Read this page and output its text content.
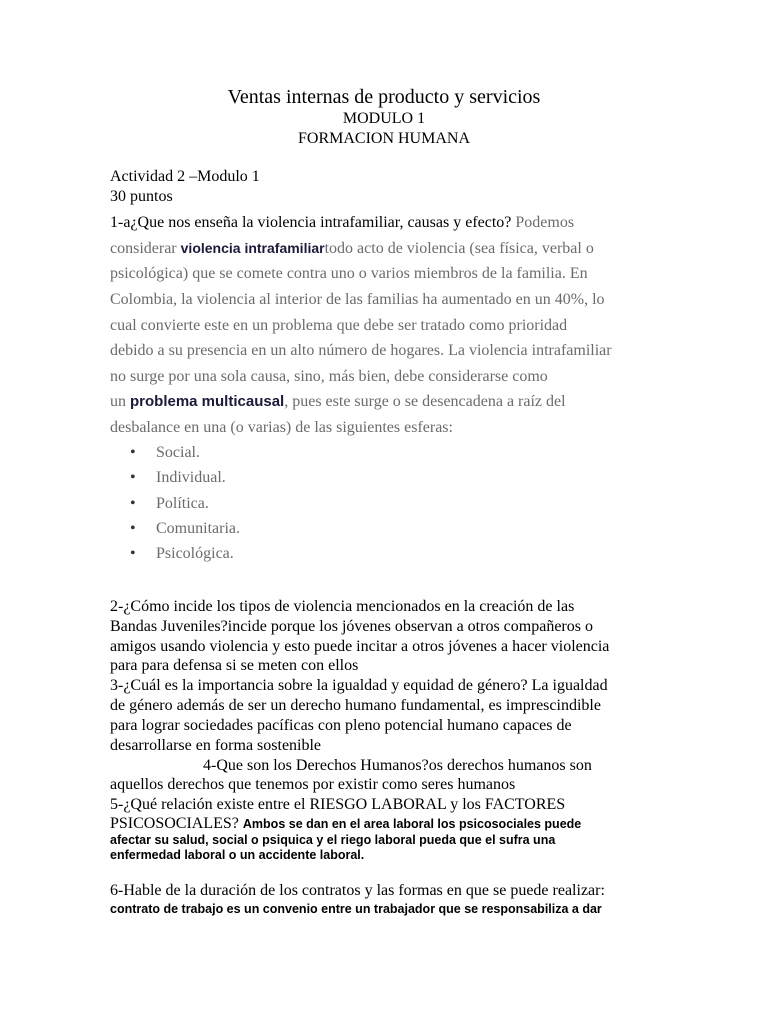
Ventas internas de producto y servicios
MODULO 1
FORMACION HUMANA
Actividad 2 –Modulo 1
30 puntos
1-a¿Que nos enseña la violencia intrafamiliar, causas y efecto? Podemos
considerar violencia intrafamiliartodo acto de violencia (sea física, verbal o
psicológica) que se comete contra uno o varios miembros de la familia. En
Colombia, la violencia al interior de las familias ha aumentado en un 40%, lo
cual convierte este en un problema que debe ser tratado como prioridad
debido a su presencia en un alto número de hogares. La violencia intrafamiliar
no surge por una sola causa, sino, más bien, debe considerarse como
un problema multicausal, pues este surge o se desencadena a raíz del
desbalance en una (o varias) de las siguientes esferas:
• Social.
• Individual.
• Política.
• Comunitaria.
• Psicológica.
2-¿Cómo incide los tipos de violencia mencionados en la creación de las
Bandas Juveniles?incide porque los jóvenes observan a otros compañeros o
amigos usando violencia y esto puede incitar a otros jóvenes a hacer violencia
para para defensa si se meten con ellos
3-¿Cuál es la importancia sobre la igualdad y equidad de género? La igualdad
de género además de ser un derecho humano fundamental, es imprescindible
para lograr sociedades pacíficas con pleno potencial humano capaces de
desarrollarse en forma sostenible
4-Que son los Derechos Humanos?os derechos humanos son
aquellos derechos que tenemos por existir como seres humanos
5-¿Qué relación existe entre el RIESGO LABORAL y los FACTORES
PSICOSOCIALES? Ambos se dan en el area laboral los psicosociales puede
afectar su salud, social o psiquica y el riego laboral pueda que el sufra una
enfermedad laboral o un accidente laboral.
6-Hable de la duración de los contratos y las formas en que se puede realizar:
contrato de trabajo es un convenio entre un trabajador que se responsabiliza a dar
